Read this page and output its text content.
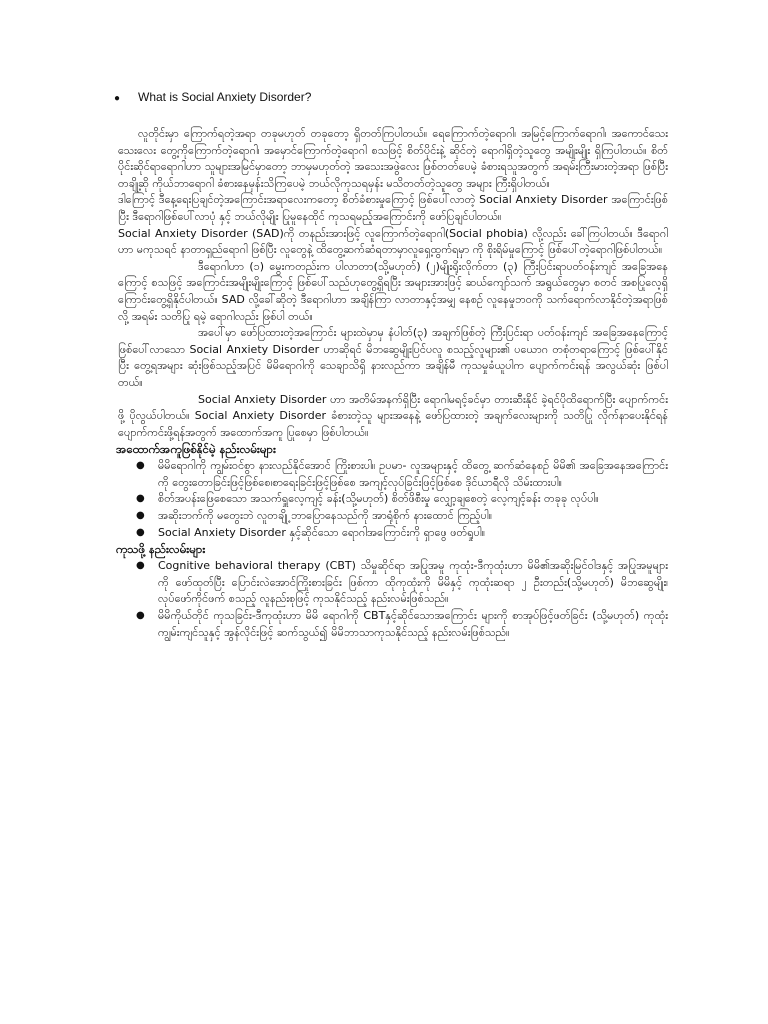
●	What is Social Anxiety Disorder?

လူတိုင်းမှာ ကြောက်ရတဲ့အရာ တခုမဟုတ် တခုတော့ ရှိတတ်ကြပါတယ်။ ရေကြောက်တဲ့ရောဂါ၊ အမြင့်ကြောက်ရောဂါ၊ အကောင်သေးသေးလေး တွေ့ကိုကြောက်တဲ့ရောဂါ၊ အမှောင်ကြောက်တဲ့ရောဂါ စသဖြင့် စိတ်ပိုင်းနဲ့ ဆိုင်တဲ့ ရောဂါရှိတဲ့သူတွေ အမျိုးမျိုး ရှိကြပါတယ်။ စိတ်ပိုင်းဆိုင်ရာရောဂါဟာ သူများအမြင်မှာတော့ ဘာမှမဟုတ်တဲ့ အသေးအဖွဲလေး ဖြစ်တတ်ပေမဲ့ ခံစားရသူအတွက် အရမ်းကြီးမားတဲ့အရာ ဖြစ်ပြီး တချို့ဆို ကိုယ်ဘာရောဂါ ခံစားနေမှန်းသိကြပေမဲ့ ဘယ်လိုကုသရမှန်း မသိတတ်တဲ့သူတွေ အများ ကြီးရှိပါတယ်။

ဒါကြောင့် ဒီနေ့ရေးပြချင်တဲ့အကြောင်းအရာလေးကတော့ စိတ်ခံစားမှုကြောင့် ဖြစ်ပေါ်လာတဲ့ Social Anxiety Disorder အကြောင်းဖြစ်ပြီး ဒီရောဂါဖြစ်ပေါ်လာပုံ နှင့် ဘယ်လိုမျိုး ပြုမူနေထိုင် ကုသရမည့်အကြောင်းကို ဖော်ပြချင်ပါတယ်။

Social Anxiety Disorder (SAD)ကို တနည်းအားဖြင့် လူကြောက်တဲ့ရောဂါ(Social phobia) လို့လည်း ခေါ်ကြပါတယ်။ ဒီရောဂါဟာ မကုသရင် နာတာရှည်ရောဂါ ဖြစ်ပြီး လူတွေနဲ့ ထိတွေ့ဆက်ဆံရတာမှာလူရှေ့ထွက်ရမှာ ကို စိုးရိမ်မှုကြောင့် ဖြစ်ပေါ်တဲ့ရောဂါဖြစ်ပါတယ်။

ဒီရောဂါဟာ (၁) မွေးကတည်းက ပါလာတာ(သို့မဟုတ်) (၂)မျိုးရိုးလိုက်တာ (၃) ကြီးပြင်းရာပတ်ဝန်းကျင် အခြေအနေကြောင့် စသဖြင့် အကြောင်းအမျိုးမျိုးကြောင့် ဖြစ်ပေါ်သည်ဟုတွေ့ရှိရပြီး အများအားဖြင့် ဆယ်ကျော်သက် အရွယ်တွေမှာ စတင် အစပြုလေ့ရှိကြောင်းတွေ့ရှိနိုင်ပါတယ်။ SAD လို့ခေါ်ဆိုတဲ့ ဒီရောဂါဟာ အချိန်ကြာ လာတာနှင့်အမျှ နေစဉ် လူနေမှုဘဝကို သက်ရောက်လာနိုင်တဲ့အရာဖြစ်လို့ အရမ်း သတိပြု ရမဲ့ ရောဂါလည်း ဖြစ်ပါ တယ်။

အပေါ်မှာ ဖော်ပြထားတဲ့အကြောင်း များထဲမှာမှ နံပါတ်(၃) အချက်ဖြစ်တဲ့ ကြီးပြင်းရာ ပတ်ဝန်းကျင် အခြေအနေကြောင့် ဖြစ်ပေါ်လာသော Social Anxiety Disorder ဟာဆိုရင် မိဘဆွေမျိုးပြင်ပလူ စသည့်လူများ၏ ပယောဂ တစုံတရာကြောင့် ဖြစ်ပေါ်နိုင်ပြီး တွေ့ရအများ ဆုံးဖြစ်သည့်အပြင် မိမိရောဂါကို သေချာသိရှိ နားလည်ကာ အချိန်မီ ကုသမှုခံယူပါက ပျောက်ကင်းရန် အလွယ်ဆုံး ဖြစ်ပါတယ်။

Social Anxiety Disorder ဟာ အတိမ်အနက်ရှိပြီး ရောဂါမရင့်ခင်မှာ တားဆီးနိုင် ခဲ့ရင်ပိုထိရောက်ပြီး ပျောက်ကင်းဖို့ ပိုလွယ်ပါတယ်။ Social Anxiety Disorder ခံစားတဲ့သူ များအနေနဲ့ ဖော်ပြထားတဲ့ အချက်လေးများကို သတိပြု လိုက်နာပေးနိုင်ရန် ပျောက်ကင်းဖို့ရန်အတွက် အထောက်အကူ ပြုစေမှာ ဖြစ်ပါတယ်။

အထောက်အကူဖြစ်နိုင်မဲ့ နည်းလမ်းများ
● မိမိရောဂါကို ကျွမ်းဝင်စွာ နားလည်နိုင်အောင် ကြိုးစားပါ။ ဥပမာ- လူအများနှင့် ထိတွေ့ ဆက်ဆံနေစဉ် မိမိ၏ အခြေအနေအကြောင်းကို တွေးတောခြင်းဖြင့်ဖြစ်စေ၊စာရေးခြင်းဖြင့်ဖြစ်စေ အကျင့်လုပ်ခြင်းဖြင့်ဖြစ်စေ ဒိုင်ယာရီလို သိမ်းထားပါ။
● စိတ်အပန်းဖြေစေသော အသက်ရှူလေ့ကျင့် ခန်း(သို့မဟုတ်) စိတ်ဖိစီးမှု လျှော့ချစေတဲ့ လေ့ကျင့်ခန်း တခုခု လုပ်ပါ။
● အဆိုးဘက်ကို မတွေးဘဲ လူတချို့ ဘာပြောနေသည်ကို အာရုံစိုက် နားထောင် ကြည့်ပါ။
● Social Anxiety Disorder နှင့်ဆိုင်သော ရောဂါအကြောင်းကို ရှာဖွေ ဖတ်ရှုပါ။
ကုသဖို့ နည်းလမ်းများ
● Cognitive behavioral therapy (CBT) သိမှုဆိုင်ရာ အပြုအမူ ကုထုံး-ဒီကုထုံးဟာ မိမိ၏အဆိုးမြင်ဝါဒနှင့် အပြုအမူများကို ဖော်ထုတ်ပြီး ပြောင်းလဲအောင်ကြိုးစားခြင်း ဖြစ်ကာ ထိုကုထုံးကို မိမိနှင့် ကုထုံးဆရာ ၂ ဦးတည်း(သို့မဟုတ်) မိဘဆွေမျိုး၊ လုပ်ဖော်ကိုင်ဖက် စသည့် လူနည်းစုဖြင့် ကုသနိုင်သည့် နည်းလမ်းဖြစ်သည်။
● မိမိကိုယ်တိုင် ကုသခြင်း-ဒီကုထုံးဟာ မိမိ ရောဂါကို CBTနှင့်ဆိုင်သောအကြောင်း များကို စာအုပ်ဖြင့်ဖတ်ခြင်း (သို့မဟုတ်) ကုထုံး ကျွမ်းကျင်သူနှင့် အွန်လိုင်းဖြင့် ဆက်သွယ်၍ မိမိဘာသာကုသနိုင်သည့် နည်းလမ်းဖြစ်သည်။
